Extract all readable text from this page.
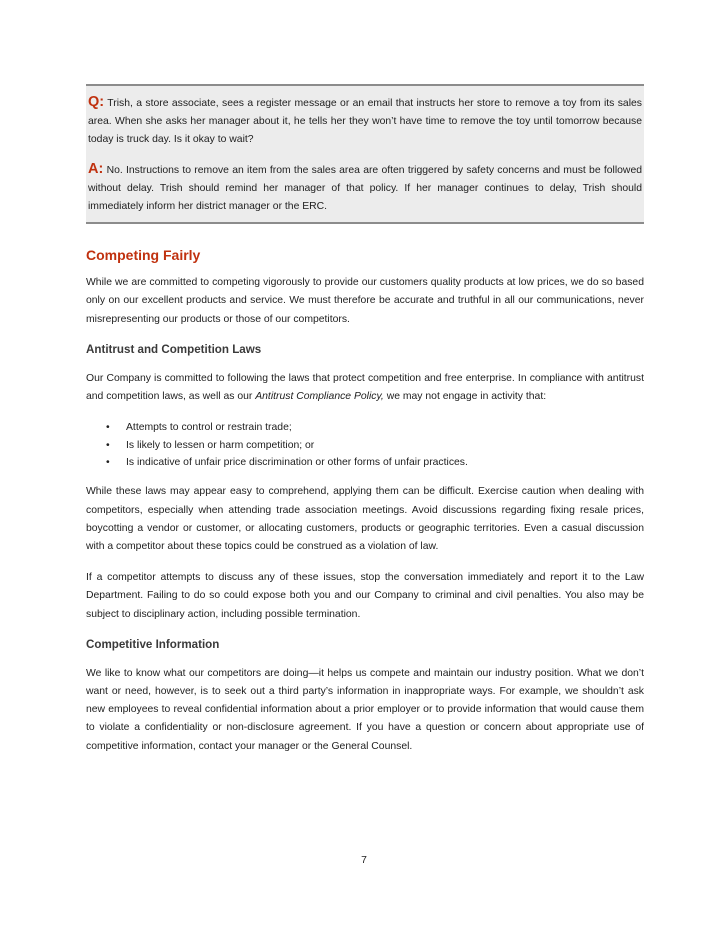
Q: Trish, a store associate, sees a register message or an email that instructs her store to remove a toy from its sales area. When she asks her manager about it, he tells her they won’t have time to remove the toy until tomorrow because today is truck day. Is it okay to wait?

A: No. Instructions to remove an item from the sales area are often triggered by safety concerns and must be followed without delay. Trish should remind her manager of that policy. If her manager continues to delay, Trish should immediately inform her district manager or the ERC.

Competing Fairly

While we are committed to competing vigorously to provide our customers quality products at low prices, we do so based only on our excellent products and service. We must therefore be accurate and truthful in all our communications, never misrepresenting our products or those of our competitors.

Antitrust and Competition Laws

Our Company is committed to following the laws that protect competition and free enterprise. In compliance with antitrust and competition laws, as well as our Antitrust Compliance Policy, we may not engage in activity that:

• Attempts to control or restrain trade;
• Is likely to lessen or harm competition; or
• Is indicative of unfair price discrimination or other forms of unfair practices.

While these laws may appear easy to comprehend, applying them can be difficult. Exercise caution when dealing with competitors, especially when attending trade association meetings. Avoid discussions regarding fixing resale prices, boycotting a vendor or customer, or allocating customers, products or geographic territories. Even a casual discussion with a competitor about these topics could be construed as a violation of law.

If a competitor attempts to discuss any of these issues, stop the conversation immediately and report it to the Law Department. Failing to do so could expose both you and our Company to criminal and civil penalties. You also may be subject to disciplinary action, including possible termination.

Competitive Information

We like to know what our competitors are doing—it helps us compete and maintain our industry position. What we don’t want or need, however, is to seek out a third party’s information in inappropriate ways. For example, we shouldn’t ask new employees to reveal confidential information about a prior employer or to provide information that would cause them to violate a confidentiality or non-disclosure agreement. If you have a question or concern about appropriate use of competitive information, contact your manager or the General Counsel.

7
